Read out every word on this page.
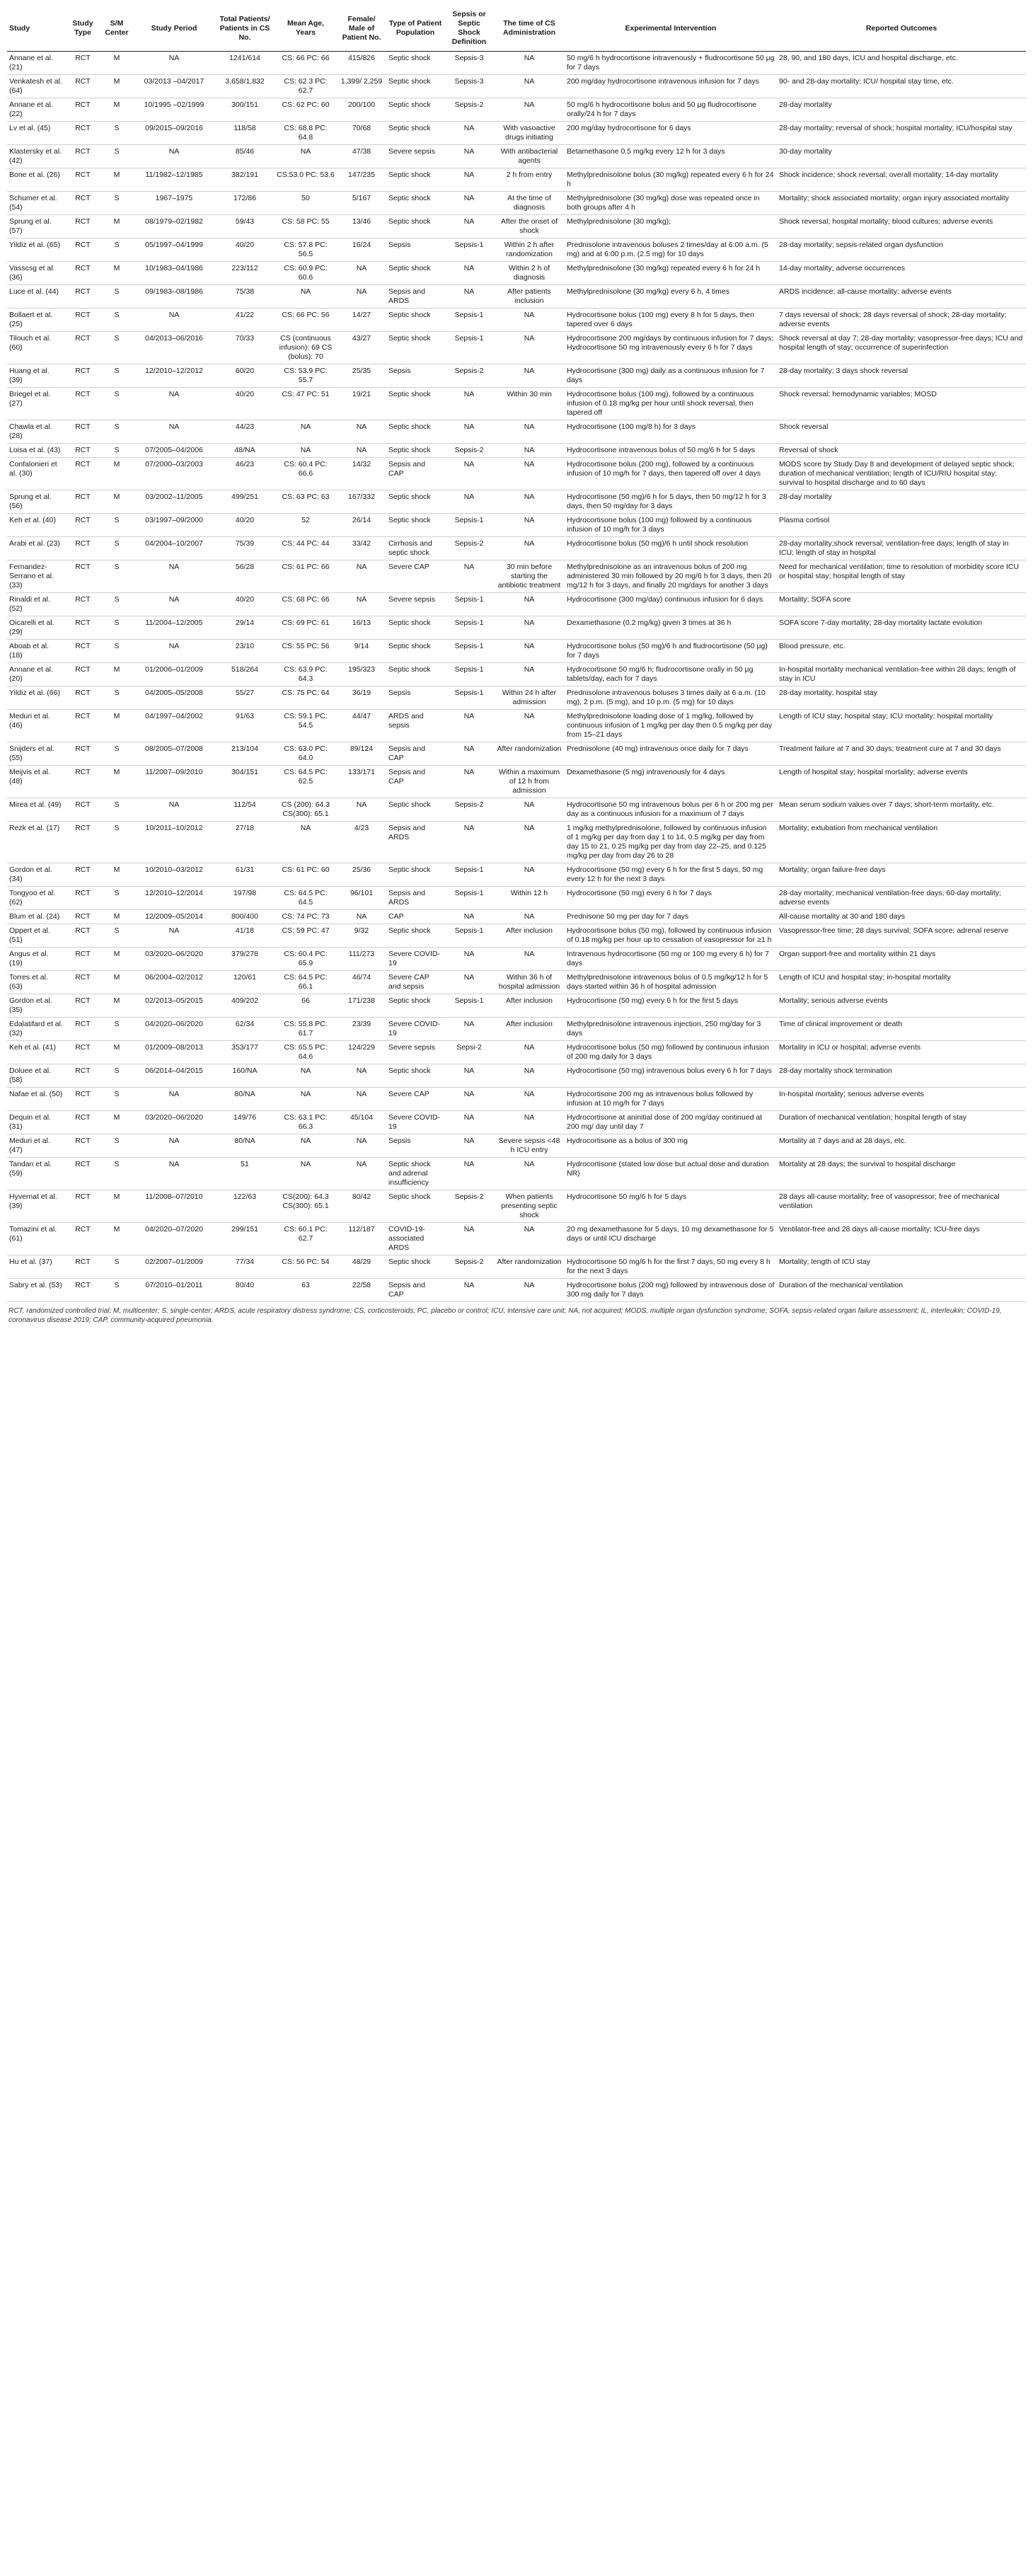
Study	Study Type	S/M Center	Study Period	Total Patients/ Patients in CS No.	Mean Age, Years	Female/ Male of Patient No.	Type of Patient Population	Sepsis or Septic Shock Definition	The time of CS Administration	Experimental Intervention	Reported Outcomes
Annane et al. (21)	RCT	M	NA	1241/614	CS: 66 PC: 66	415/826	Septic shock	Sepsis-3	NA	50 mg/6 h hydrocortisone intravenously + fludrocortisone 50 μg for 7 days	28, 90, and 180 days, ICU and hospital discharge, etc.
Venkatesh et al. (64)	RCT	M	03/2013 –04/2017	3,658/1,832	CS: 62.3 PC: 62.7	1,399/ 2,259	Septic shock	Sepsis-3	NA	200 mg/day hydrocortisone intravenous infusion for 7 days	90- and 28-day mortality; ICU/ hospital stay time, etc.
Annane et al. (22)	RCT	M	10/1995 –02/1999	300/151	CS: 62 PC: 60	200/100	Septic shock	Sepsis-2	NA	50 mg/6 h hydrocortisone bolus and 50 μg fludrocortisone orally/24 h for 7 days	28-day mortality
Lv et al. (45)	RCT	S	09/2015–09/2016	118/58	CS: 68.8 PC: 64.8	70/68	Septic shock	NA	With vasoactive drugs initiating	200 mg/day hydrocortisone for 6 days	28-day mortality; reversal of shock; hospital mortality; ICU/hospital stay
Klastersky et al. (42)	RCT	S	NA	85/46	NA	47/38	Severe sepsis	NA	With antibacterial agents	Betamethasone 0.5 mg/kg every 12 h for 3 days	30-day mortality
Bone et al. (26)	RCT	M	11/1982–12/1985	382/191	CS:53.0 PC: 53.6	147/235	Septic shock	NA	2 h from entry	Methylprednisolone bolus (30 mg/kg) repeated every 6 h for 24 h	Shock incidence; shock reversal; overall mortality; 14-day mortality
Schumer et al. (54)	RCT	S	1967–1975	172/86	50	5/167	Septic shock	NA	At the time of diagnosis	Methylprednisolone (30 mg/kg) dose was repeated once in both groups after 4 h	Mortality; shock associated mortality; organ injury associated mortality
Sprung et al. (57)	RCT	M	08/1979–02/1982	59/43	CS: 58 PC: 55	13/46	Septic shock	NA	After the onset of shock	Methylprednisolone (30 mg/kg);	Shock reversal; hospital mortality; blood cultures; adverse events
Yildiz et al. (65)	RCT	S	05/1997–04/1999	40/20	CS: 57.8 PC: 56.5	16/24	Sepsis	Sepsis-1	Within 2 h after randomization	Prednisolone intravenous boluses 2 times/day at 6:00 a.m. (5 mg) and at 6:00 p.m. (2.5 mg) for 10 days	28-day mortality; sepsis-related organ dysfunction
Vasscsg et al. (36)	RCT	M	10/1983–04/1986	223/112	CS: 60.9 PC: 60.6	NA	Septic shock	NA	Within 2 h of diagnosis	Methylprednisolone (30 mg/kg) repeated every 6 h for 24 h	14-day mortality; adverse occurrences
Luce et al. (44)	RCT	S	09/1983–08/1986	75/38	NA	NA	Sepsis and ARDS	NA	After patients inclusion	Methylprednisolone (30 mg/kg) every 6 h, 4 times	ARDS incidence; all-cause mortality; adverse events
Bollaert et al. (25)	RCT	S	NA	41/22	CS: 66 PC: 56	14/27	Septic shock	Sepsis-1	NA	Hydrocortisone bolus (100 mg) every 8 h for 5 days, then tapered over 6 days	7 days reversal of shock; 28 days reversal of shock; 28-day mortality; adverse events
Tilouch et al. (60)	RCT	S	04/2013–06/2016	70/33	CS (continuous infusion): 69 CS (bolus): 70	43/27	Septic shock	Sepsis-1	NA	Hydrocortisone 200 mg/days by continuous infusion for 7 days; Hydrocortisone 50 mg intravenously every 6 h for 7 days	Shock reversal at day 7; 28-day mortality; vasopressor-free days; ICU and hospital length of stay; occurrence of superinfection
Huang et al. (39)	RCT	S	12/2010–12/2012	60/20	CS: 53.9 PC: 55.7	25/35	Sepsis	Sepsis-2	NA	Hydrocortisone (300 mg) daily as a continuous infusion for 7 days	28-day mortality; 3 days shock reversal
Briegel et al. (27)	RCT	S	NA	40/20	CS: 47 PC: 51	19/21	Septic shock	NA	Within 30 min	Hydrocortisone bolus (100 mg), followed by a continuous infusion of 0.18 mg/kg per hour until shock reversal, then tapered off	Shock reversal; hemodynamic variables; MOSD
Chawla et al. (28)	RCT	S	NA	44/23	NA	NA	Septic shock	NA	NA	Hydrocortisone (100 mg/8 h) for 3 days	Shock reversal
Loisa et al. (43)	RCT	S	07/2005–04/2006	48/NA	NA	NA	Septic shock	Sepsis-2	NA	Hydrocortisone intravenous bolus of 50 mg/6 h for 5 days	Reversal of shock
Confalonieri et al. (30)	RCT	M	07/2000–03/2003	46/23	CS: 60.4 PC: 66.6	14/32	Sepsis and CAP	NA	NA	Hydrocortisone bolus (200 mg), followed by a continuous infusion of 10 mg/h for 7 days, then tapered off over 4 days	MODS score by Study Day 8 and development of delayed septic shock; duration of mechanical ventilation; length of ICU/RIU hospital stay; survival to hospital discharge and to 60 days
Sprung et al. (56)	RCT	M	03/2002–11/2005	499/251	CS: 63 PC: 63	167/332	Septic shock	NA	NA	Hydrocortisone (50 mg)/6 h for 5 days, then 50 mg/12 h for 3 days, then 50 mg/day for 3 days	28-day mortality
Keh et al. (40)	RCT	S	03/1997–09/2000	40/20	52	26/14	Septic shock	Sepsis-1	NA	Hydrocortisone bolus (100 mg) followed by a continuous infusion of 10 mg/h for 3 days	Plasma cortisol
Arabi et al. (23)	RCT	S	04/2004–10/2007	75/39	CS: 44 PC: 44	33/42	Cirrhosis and septic shock	Sepsis-2	NA	Hydrocortisone bolus (50 mg)/6 h until shock resolution	28-day mortality;shock reversal; ventilation-free days; length of stay in ICU; length of stay in hospital
Fernandez-Serrano et al. (33)	RCT	S	NA	56/28	CS: 61 PC: 66	NA	Severe CAP	NA	30 min before starting the antibiotic treatment	Methylprednisolone as an intravenous bolus of 200 mg administered 30 min followed by 20 mg/6 h for 3 days, then 20 mg/12 h for 3 days, and finally 20 mg/days for another 3 days	Need for mechanical ventilation; time to resolution of morbidity score ICU or hospital stay; hospital length of stay
Rinaldi et al. (52)	RCT	S	NA	40/20	CS: 68 PC: 66	NA	Severe sepsis	Sepsis-1	NA	Hydrocortisone (300 mg/day) continuous infusion for 6 days	Mortality; SOFA score
Oicarelli et al. (29)	RCT	S	11/2004–12/2005	29/14	CS: 69 PC: 61	16/13	Septic shock	Sepsis-1	NA	Dexamethasone (0.2 mg/kg) given 3 times at 36 h	SOFA score 7-day mortality; 28-day mortality lactate evolution
Aboab et al. (18)	RCT	S	NA	23/10	CS: 55 PC: 56	9/14	Septic shock	Sepsis-1	NA	Hydrocortisone bolus (50 mg)/6 h and fludrocortisone (50 μg) for 7 days	Blood pressure, etc.
Annane et al. (20)	RCT	M	01/2006–01/2009	518/264	CS: 63.9 PC: 64.3	195/323	Septic shock	Sepsis-1	NA	Hydrocortisone 50 mg/6 h; fludrocortisone orally in 50 μg tablets/day, each for 7 days	In-hospital mortality mechanical ventilation-free within 28 days; length of stay in ICU
Yildiz et al. (66)	RCT	S	04/2005–05/2008	55/27	CS: 75 PC: 64	36/19	Sepsis	Sepsis-1	Within 24 h after admission	Prednisolone intravenous boluses 3 times daily at 6 a.m. (10 mg), 2 p.m. (5 mg), and 10 p.m. (5 mg) for 10 days	28-day mortality; hospital stay
Meduri et al. (46)	RCT	M	04/1997–04/2002	91/63	CS: 59.1 PC: 54.5	44/47	ARDS and sepsis	NA	NA	Methylprednisolone loading dose of 1 mg/kg, followed by continuous infusion of 1 mg/kg per day then 0.5 mg/kg per day from 15–21 days	Length of ICU stay; hospital stay; ICU mortality; hospital mortality
Snijders et al. (55)	RCT	S	08/2005–07/2008	213/104	CS: 63.0 PC: 64.0	89/124	Sepsis and CAP	NA	After randomization	Prednisolone (40 mg) intravenous once daily for 7 days	Treatment failure at 7 and 30 days; treatment cure at 7 and 30 days
Meijvis et al. (48)	RCT	M	11/2007–09/2010	304/151	CS: 64.5 PC: 62.5	133/171	Sepsis and CAP	NA	Within a maximum of 12 h from admission	Dexamethasone (5 mg) intravenously for 4 days	Length of hospital stay; hospital mortality; adverse events
Mirea et al. (49)	RCT	S	NA	112/54	CS (200): 64.3 CS(300): 65.1	NA	Septic shock	Sepsis-2	NA	Hydrocortisone 50 mg intravenous bolus per 6 h or 200 mg per day as a continuous infusion for a maximum of 7 days	Mean serum sodium values over 7 days; short-term mortality, etc.
Rezk et al. (17)	RCT	S	10/2011–10/2012	27/18	NA	4/23	Sepsis and ARDS	NA	NA	1 mg/kg methylprednisolone, followed by continuous infusion of 1 mg/kg per day from day 1 to 14, 0.5 mg/kg per day from day 15 to 21, 0.25 mg/kg per day from day 22–25, and 0.125 mg/kg per day from day 26 to 28	Mortality; extubation from mechanical ventilation
Gordon et al. (34)	RCT	M	10/2010–03/2012	61/31	CS: 61 PC: 60	25/36	Septic shock	Sepsis-1	NA	Hydrocortisone (50 mg) every 6 h for the first 5 days, 50 mg every 12 h for the next 3 days	Mortality; organ failure-free days
Tongyoo et al. (62)	RCT	S	12/2010–12/2014	197/98	CS: 64.5 PC: 64.5	96/101	Sepsis and ARDS	Sepsis-1	Within 12 h	Hydrocortisone (50 mg) every 6 h for 7 days	28-day mortality; mechanical ventilation-free days; 60-day mortality; adverse events
Blum et al. (24)	RCT	M	12/2009–05/2014	800/400	CS: 74 PC: 73	NA	CAP	NA	NA	Prednisone 50 mg per day for 7 days	All-cause mortality at 30 and 180 days
Oppert et al. (51)	RCT	S	NA	41/18	CS: 59 PC: 47	9/32	Septic shock	Sepsis-1	After inclusion	Hydrocortisone bolus (50 mg), followed by continuous infusion of 0.18 mg/kg per hour up to cessation of vasopressor for ≥1 h	Vasopressor-free time; 28 days survival; SOFA score; adrenal reserve
Angus et al. (19)	RCT	M	03/2020–06/2020	379/278	CS: 60.4 PC: 65.9	111/273	Severe COVID-19	NA	NA	Intravenous hydrocortisone (50 mg or 100 mg every 6 h) for 7 days	Organ support-free and mortality within 21 days
Torres et al. (63)	RCT	M	06/2004–02/2012	120/61	CS: 64.5 PC: 66.1	46/74	Severe CAP and sepsis	NA	Within 36 h of hospital admission	Methylprednisolone intravenous bolus of 0.5 mg/kg/12 h for 5 days started within 36 h of hospital admission	Length of ICU and hospital stay; in-hospital mortality
Gordon et al. (35)	RCT	M	02/2013–05/2015	409/202	66	171/238	Septic shock	Sepsis-1	After inclusion	Hydrocortisone (50 mg) every 6 h for the first 5 days	Mortality; serious adverse events
Edalatifard et al. (32)	RCT	S	04/2020–06/2020	62/34	CS: 55.8 PC: 61.7	23/39	Severe COVID-19	NA	After inclusion	Methylprednisolone intravenous injection, 250 mg/day for 3 days	Time of clinical improvement or death
Keh et al. (41)	RCT	M	01/2009–08/2013	353/177	CS: 65.5 PC: 64.6	124/229	Severe sepsis	Sepsi-2	NA	Hydrocortisone bolus (50 mg) followed by continuous infusion of 200 mg daily for 3 days	Mortality in ICU or hospital; adverse events
Doluee et al. (58)	RCT	S	06/2014–04/2015	160/NA	NA	NA	Septic shock	NA	NA	Hydrocortisone (50 mg) intravenous bolus every 6 h for 7 days	28-day mortality shock termination
Nafae et al. (50)	RCT	S	NA	80/NA	NA	NA	Severe CAP	NA	NA	Hydrocortisone 200 mg as intravenous bolus followed by infusion at 10 mg/h for 7 days	In-hospital mortality; serious adverse events
Dequin et al. (31)	RCT	M	03/2020–06/2020	149/76	CS: 63.1 PC: 66.3	45/104	Severe COVID-19	NA	NA	Hydrocortisone at aninitial dose of 200 mg/day continued at 200 mg/ day until day 7	Duration of mechanical ventilation; hospital length of stay
Meduri et al. (47)	RCT	S	NA	80/NA	NA	NA	Sepsis	NA	Severe sepsis <48 h ICU entry	Hydrocortisone as a bolus of 300 mg	Mortality at 7 days and at 28 days, etc.
Tandan et al. (59)	RCT	S	NA	51	NA	NA	Septic shock and adrenal insufficiency	NA	NA	Hydrocortisone (stated low dose but actual dose and duration NR)	Mortality at 28 days; the survival to hospital discharge
Hyvernat et al. (39)	RCT	M	11/2008–07/2010	122/63	CS(200): 64.3 CS(300): 65.1	80/42	Septic shock	Sepsis-2	When patients presenting septic shock	Hydrocortisone 50 mg/6 h for 5 days	28 days all-cause mortality; free of vasopressor; free of mechanical ventilation
Tomazini et al. (61)	RCT	M	04/2020–07/2020	299/151	CS: 60.1 PC: 62.7	112/187	COVID-19-associated ARDS	NA	NA	20 mg dexamethasone for 5 days, 10 mg dexamethasone for 5 days or until ICU discharge	Ventilator-free and 28 days all-cause mortality; ICU-free days
Hu et al. (37)	RCT	S	02/2007–01/2009	77/34	CS: 56 PC: 54	48/29	Septic shock	Sepsis-2	After randomization	Hydrocortisone 50 mg/6 h for the first 7 days, 50 mg every 8 h for the next 3 days	Mortality; length of ICU stay
Sabry et al. (53)	RCT	S	07/2010–01/2011	80/40	63	22/58	Sepsis and CAP	NA	NA	Hydrocortisone bolus (200 mg) followed by intravenous dose of 300 mg daily for 7 days	Duration of the mechanical ventilation
RCT, randomized controlled trial; M, multicenter; S, single-center; ARDS, acute respiratory distress syndrome; CS, corticosteroids; PC, placebo or control; ICU, intensive care unit; NA, not acquired; MODS, multiple organ dysfunction syndrome; SOFA, sepsis-related organ failure assessment; IL, interleukin; COVID-19, coronavirus disease 2019; CAP, community-acquired pneumonia.
